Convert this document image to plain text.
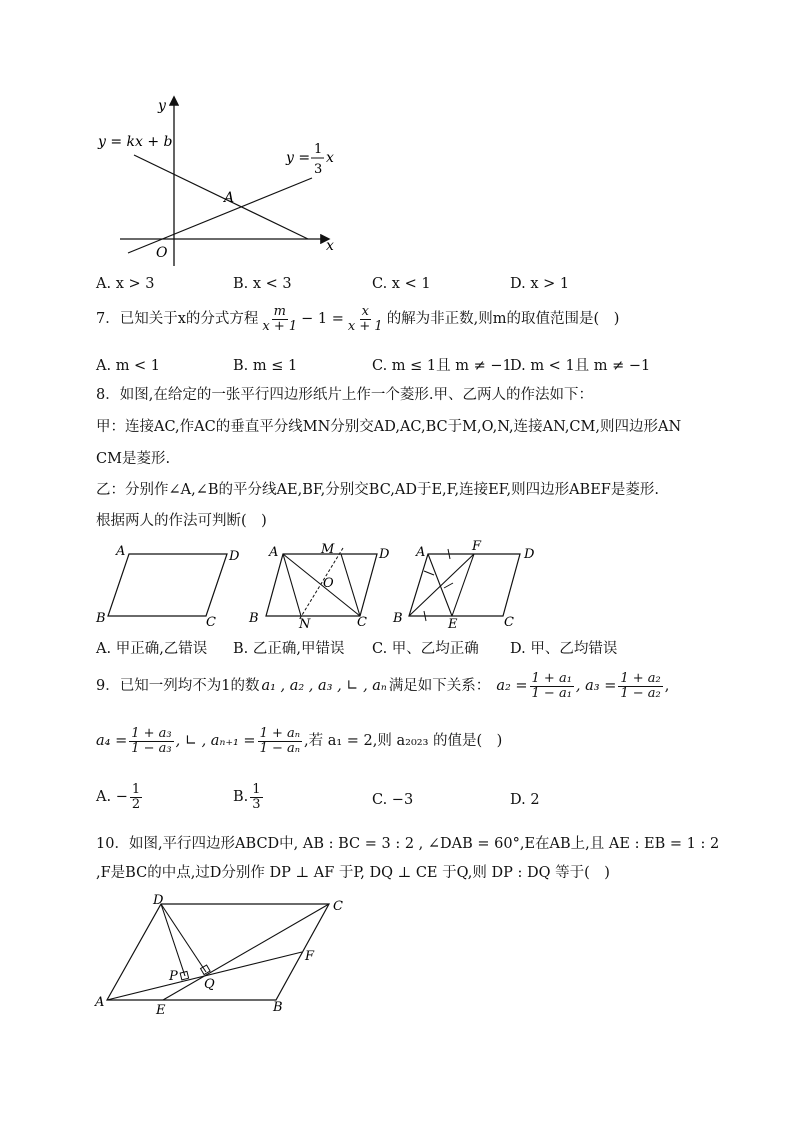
y
x
O
A
y = kx + b
y =
1
3
x
A. x > 3	B. x < 3	C. x < 1	D. x > 1
7．已知关于x的分式方程 $\frac{m}{x + 1} - 1 = \frac{x}{x + 1}$ 的解为非正数,则m的取值范围是(　)
A. m < 1	B. m ≤ 1	C. m ≤ 1且 m ≠ −1
D. m < 1且 m ≠ −1
8．如图,在给定的一张平行四边形纸片上作一个菱形.甲、乙两人的作法如下：
甲：连接AC,作AC的垂直平分线MN分别交AD,AC,BC于M,O,N,连接AN,CM,则四边形AN
CM是菱形.
乙：分别作∠A,∠B的平分线AE,BF,分别交BC,AD于E,F,连接EF,则四边形ABEF是菱形.
根据两人的作法可判断(　)
A	D
B	C
A	M	D
O
B	N	C
A	F
D
B	E	C
A. 甲正确,乙错误 B. 乙正确,甲错误 C. 甲、乙均正确 D. 甲、乙均错误
9．已知一列均不为1的数 a₁ , a₂ , a₃ , ∟ , aₙ 满足如下关系： $a_2 = \frac{\text{1 + a₁}}{\text{1 − a₁}}$ , $a_3 = \frac{\text{1 + a₂}}{\text{1 − a₂}}$ ,
$a_4 = \frac{\text{1 + a₃}}{\text{1 − a₃}}$ , ∟ , $a_{n+1} = \frac{\text{1 + aₙ}}{\text{1 − aₙ}}$ ,若 a₁ = 2,则 a₂₀₂₃ 的值是(　)
A. − $\frac{1}{2}$	B. $\frac{1}{3}$	C. −3	D. 2
10．如图,平行四边形ABCD中, AB : BC = 3 : 2 , ∠DAB = 60°,E在AB上,且 AE : EB = 1 : 2
,F是BC的中点,过D分别作 DP ⊥ AF 于P, DQ ⊥ CE 于Q,则 DP : DQ 等于(　)
D	C
F
P
Q
A
E	B
